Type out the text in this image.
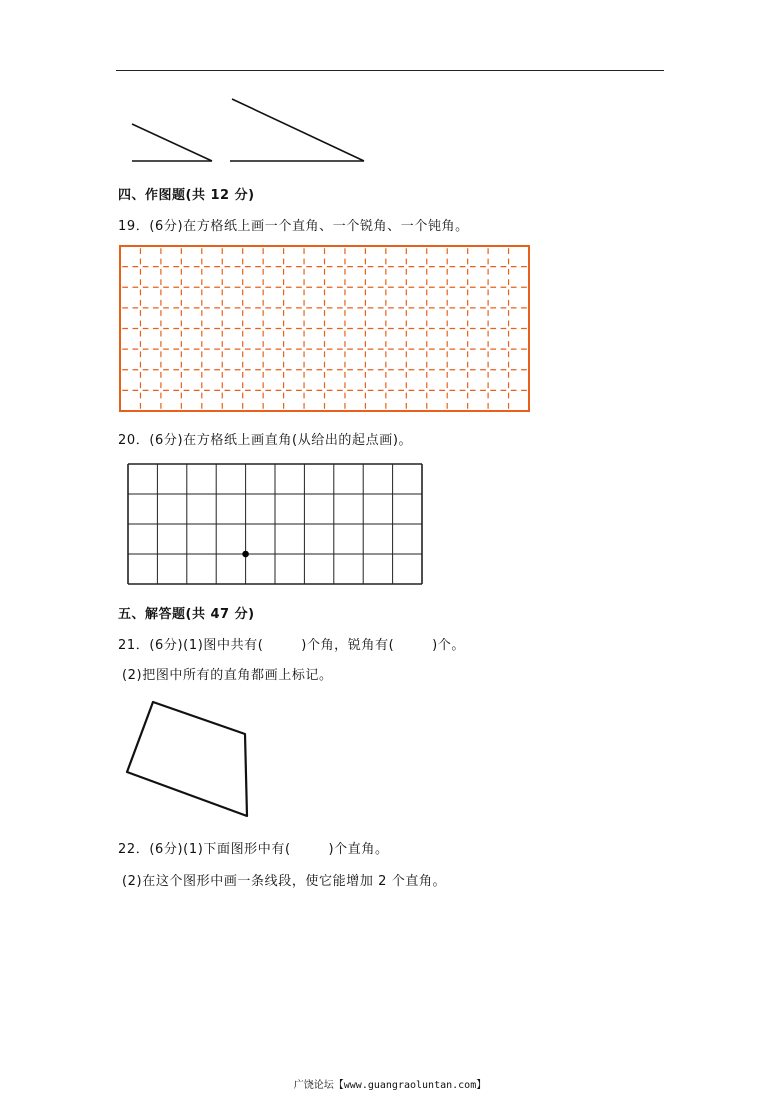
四、作图题(共 12 分)
19．(6分)在方格纸上画一个直角、一个锐角、一个钝角。
20．(6分)在方格纸上画直角(从给出的起点画)。
五、解答题(共 47 分)
21．(6分)(1)图中共有(        )个角，锐角有(        )个。
(2)把图中所有的直角都画上标记。
22．(6分)(1)下面图形中有(        )个直角。
(2)在这个图形中画一条线段，使它能增加 2 个直角。
广饶论坛【www.guangraoluntan.com】
